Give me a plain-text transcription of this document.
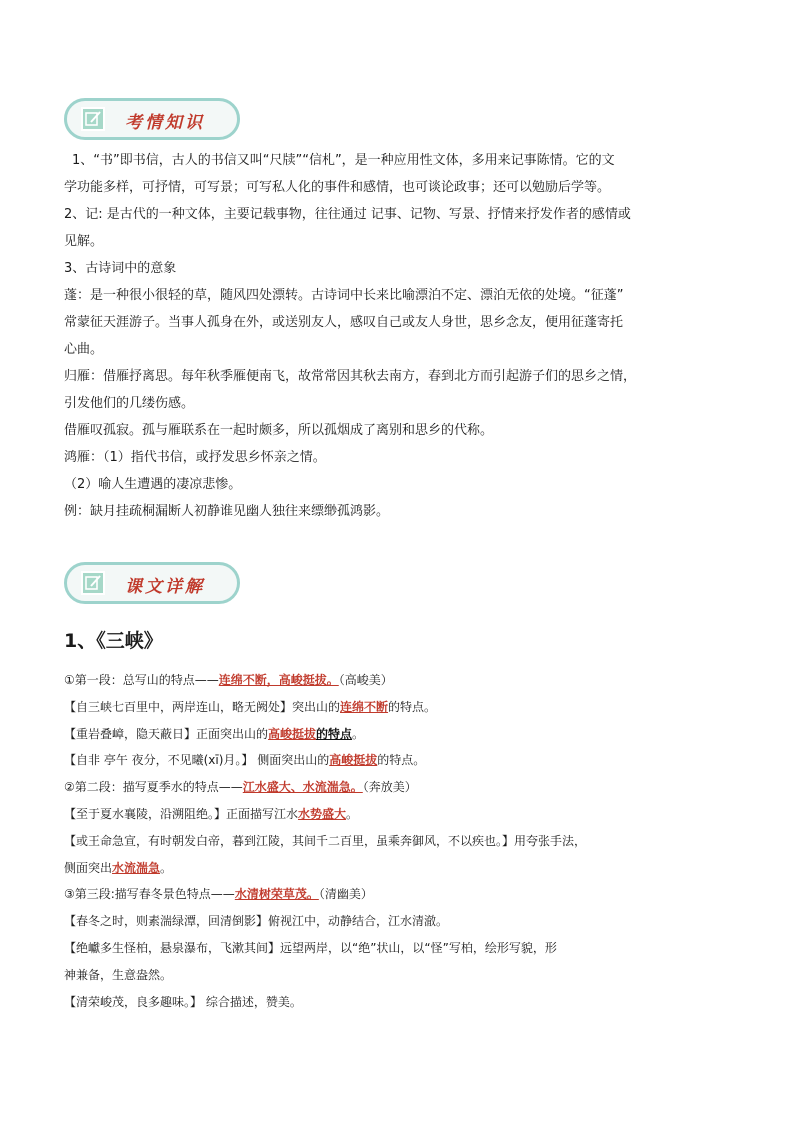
考情知识

1、“书”即书信，古人的书信又叫“尺牍”“信札”，是一种应用性文体，多用来记事陈情。它的文

学功能多样，可抒情，可写景；可写私人化的事件和感情，也可谈论政事；还可以勉励后学等。

2、记: 是古代的一种文体，主要记载事物，往往通过 记事、记物、写景、抒情来抒发作者的感情或

见解。

3、古诗词中的意象

蓬：是一种很小很轻的草，随风四处漂转。古诗词中长来比喻漂泊不定、漂泊无依的处境。“征蓬”

常蒙征天涯游子。当事人孤身在外，或送别友人，感叹自己或友人身世，思乡念友，便用征蓬寄托

心曲。

归雁：借雁抒离思。每年秋季雁便南飞，故常常因其秋去南方，春到北方而引起游子们的思乡之情，

引发他们的几缕伤感。

借雁叹孤寂。孤与雁联系在一起时颇多，所以孤烟成了离别和思乡的代称。

鸿雁：（1）指代书信，或抒发思乡怀亲之情。

（2）喻人生遭遇的凄凉悲惨。

例：缺月挂疏桐漏断人初静谁见幽人独往来缥缈孤鸿影。

课文详解
1、《三峡》

①第一段：总写山的特点——连绵不断，高峻挺拔。（高峻美）

【自三峡七百里中，两岸连山，略无阙处】突出山的连绵不断的特点。

【重岩叠嶂，隐天蔽日】正面突出山的高峻挺拔的特点。

【自非 亭午 夜分，不见曦(xī)月。】 侧面突出山的高峻挺拔的特点。

②第二段：描写夏季水的特点——江水盛大、水流湍急。（奔放美）

【至于夏水襄陵，沿溯阻绝。】正面描写江水水势盛大。

【或王命急宣，有时朝发白帝，暮到江陵，其间千二百里，虽乘奔御风，不以疾也。】用夸张手法，

侧面突出水流湍急。

③第三段:描写春冬景色特点——水清树荣草茂。（清幽美）

【春冬之时，则素湍绿潭，回清倒影】俯视江中，动静结合，江水清澈。

【绝巘多生怪柏，悬泉瀑布，飞漱其间】远望两岸，以“绝”状山，以“怪”写柏，绘形写貌，形

神兼备，生意盎然。

【清荣峻茂，良多趣味。】 综合描述，赞美。
